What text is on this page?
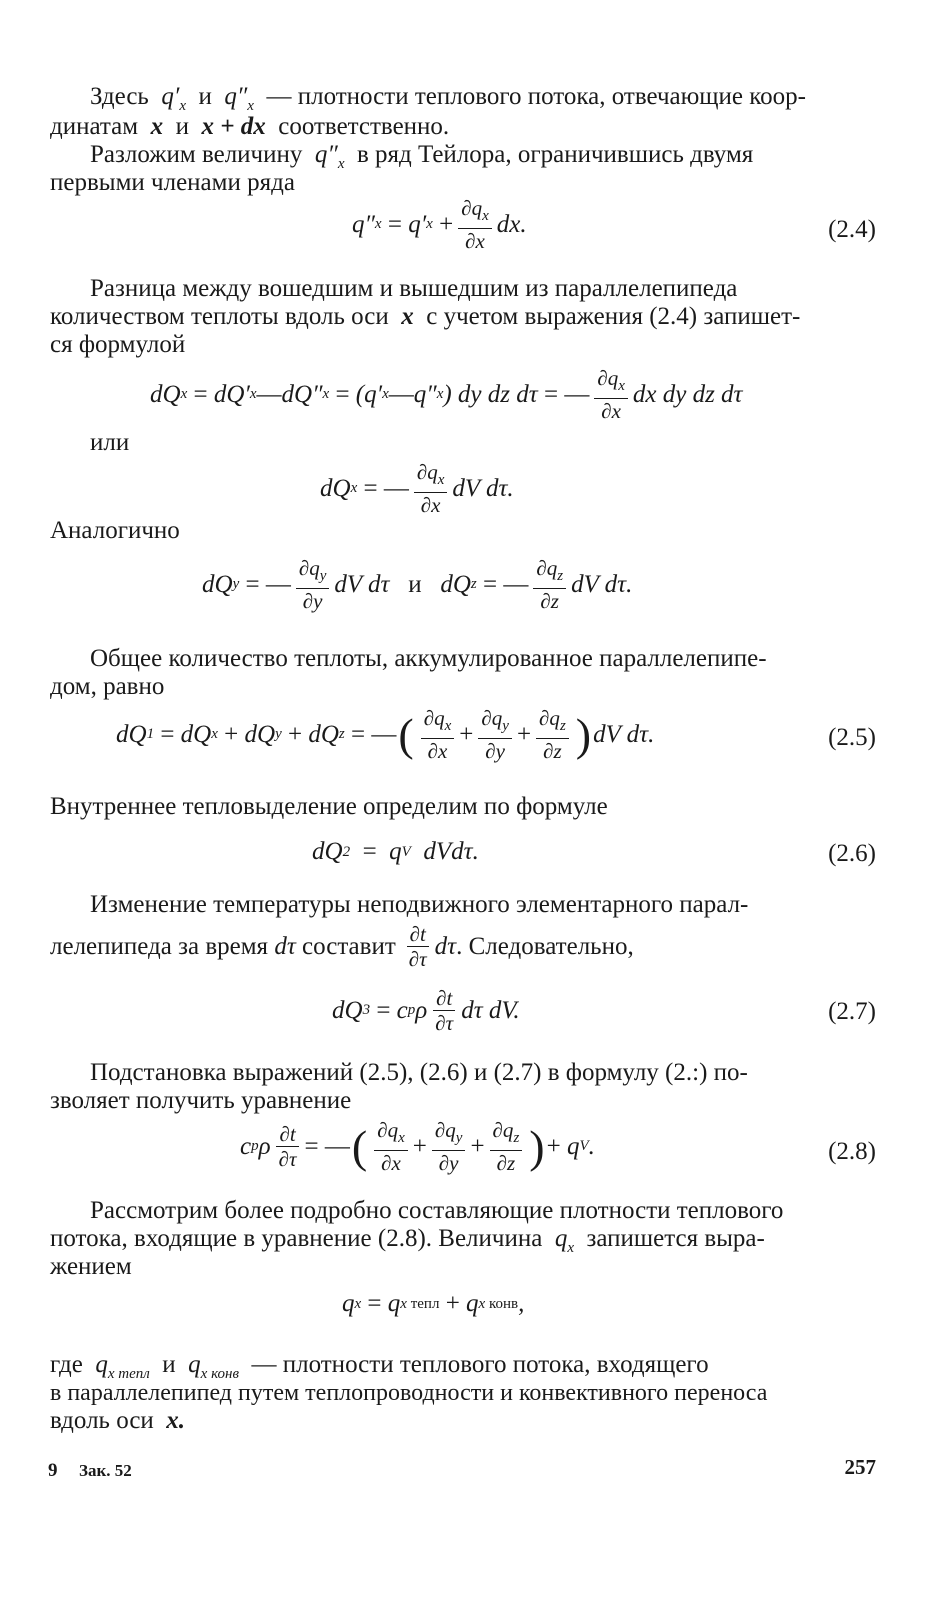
Здесь  $q'_x$ и  $q''_x$ — плотности теплового потока, отвечающие коор-
динатам  x  и  x + dx  соответственно.
Разложим величину  $q''_x$ в ряд Тейлора, ограничившись двумя
первыми членами ряда
q″ x
= q′ x
+ $\frac{\partial q_x}{\partial x}$ dx.	(2.4)
Разница между вошедшим и вышедшим из параллелепипеда
количеством теплоты вдоль оси  x  с учетом выражения (2.4) запишет-
ся формулой
dQ x
= dQ′ x — dQ″ x
= (q′ x — q″ x ) dy dz dτ =
— $\frac{\partial q_x}{\partial x}$ dx dy dz dτ
или
dQ x
=
— $\frac{\partial q_x}{\partial x}$ dV dτ.
Аналогично
dQ y
=
— $\frac{\partial q_y}{\partial y}$ dV dτ и dQ z
=
— $\frac{\partial q_z}{\partial z}$ dV dτ.
Общее количество теплоты, аккумулированное параллелепипе-
дом, равно
dQ 1
= dQ x
+ dQ y
+ dQ z
=
— ( $\frac{\partial q_x}{\partial x} + \frac{\partial q_y}{\partial y} + \frac{\partial q_z}{\partial z}$ ) dV dτ.	(2.5)
Внутреннее тепловыделение определим по формуле
dQ 2
= q V dVdτ.	(2.6)
Изменение температуры неподвижного элементарного парал-
лелепипеда за время dτ составит $\frac{\partial t}{\partial\tau}$ dτ . Следовательно,
dQ 3
= c p ρ $\frac{\partial t}{\partial\tau}$ dτ dV.	(2.7)
Подстановка выражений (2.5), (2.6) и (2.7) в формулу (2.:) по-
зволяет получить уравнение
c p ρ $\frac{\partial t}{\partial\tau}$ =
— ( $\frac{\partial q_x}{\partial x} + \frac{\partial q_y}{\partial y} + \frac{\partial q_z}{\partial z}$ ) + q V .	(2.8)
Рассмотрим более подробно составляющие плотности теплового
потока, входящие в уравнение (2.8). Величина  $q_x$ запишется выра-
жением
q x
= q x тепл
+ q x конв ,
где  $q_{x тепл}$ и  $q_{x конв}$ — плотности теплового потока, входящего
в параллелепипед путем теплопроводности и конвективного переноса
вдоль оси  x.
9 Зак. 52	257
